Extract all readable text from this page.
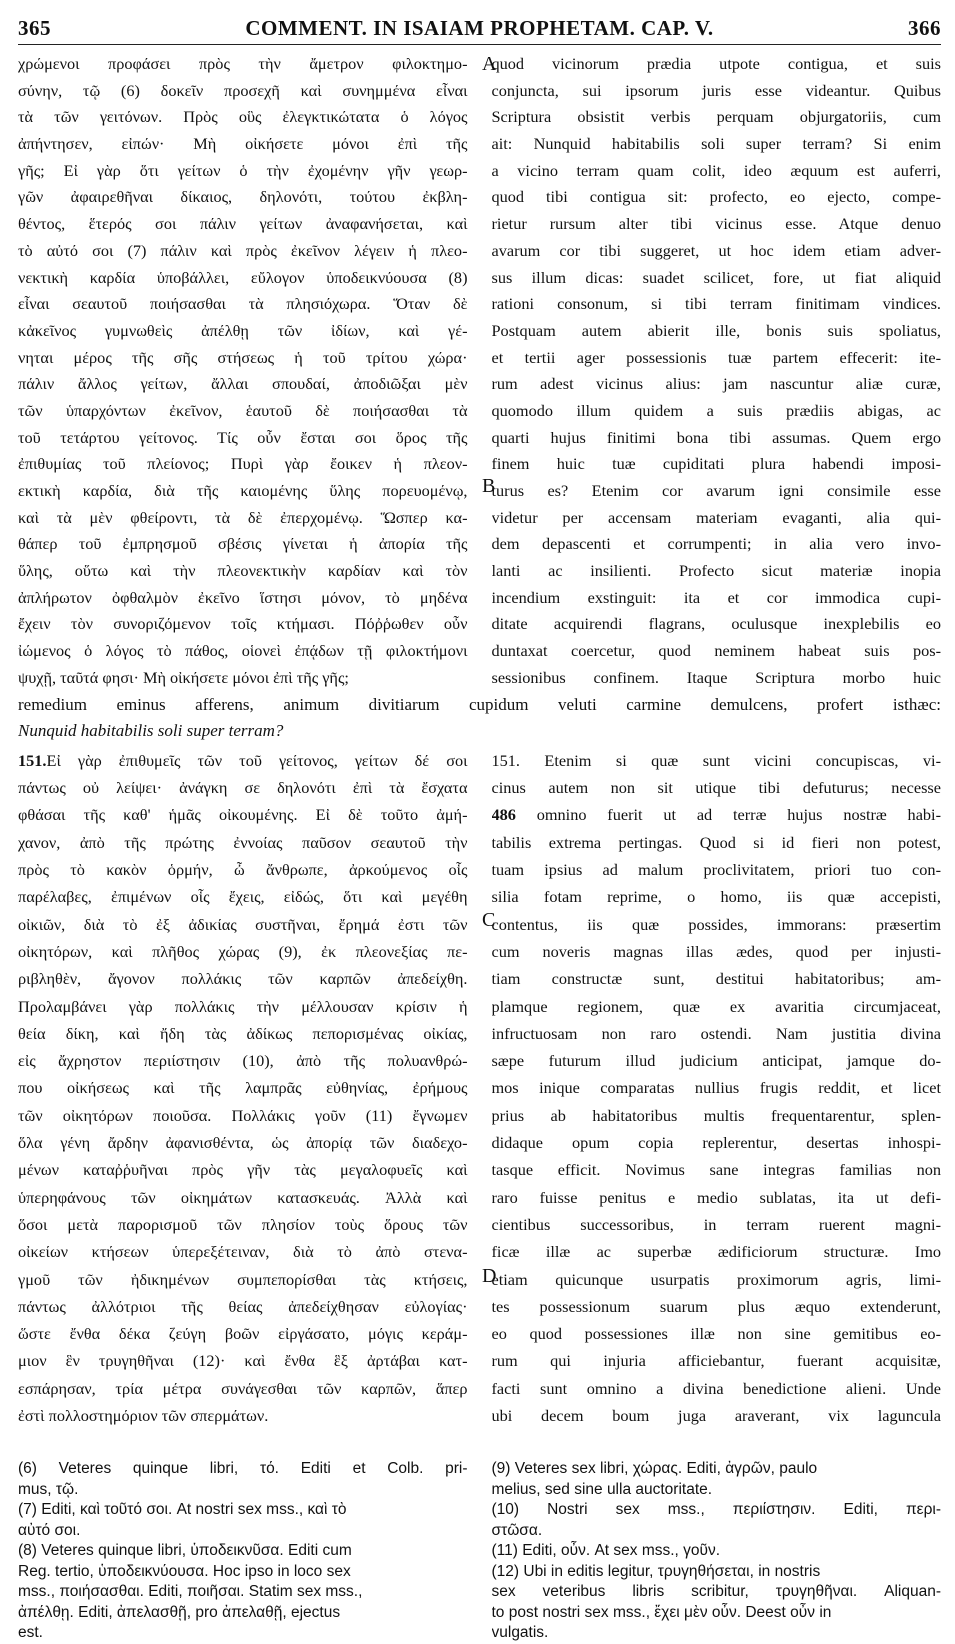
365	COMMENT. IN ISAIAM PROPHETAM. CAP. V.	366
χρώμενοι προφάσει πρὸς τὴν ἄμετρον φιλοκτημο-
σύνην, τῷ (6) δοκεῖν προσεχῆ καὶ συνημμένα εἶναι
τὰ τῶν γειτόνων. Πρὸς οὓς ἐλεγκτικώτατα ὁ λόγος
ἀπήντησεν, εἰπών· Μὴ οἰκήσετε μόνοι ἐπὶ τῆς
γῆς; Εἰ γὰρ ὅτι γείτων ὁ τὴν ἐχομένην γῆν γεωρ-
γῶν ἀφαιρεθῆναι δίκαιος, δηλονότι, τούτου ἐκβλη-
θέντος, ἕτερός σοι πάλιν γείτων ἀναφανήσεται, καὶ
τὸ αὐτό σοι (7) πάλιν καὶ πρὸς ἐκεῖνον λέγειν ἡ πλεο-
νεκτικὴ καρδία ὑποβάλλει, εὔλογον ὑποδεικνύουσα (8)
εἶναι σεαυτοῦ ποιήσασθαι τὰ πλησιόχωρα. Ὅταν δὲ
κἀκεῖνος γυμνωθεὶς ἀπέλθῃ τῶν ἰδίων, καὶ γέ-
νηται μέρος τῆς σῆς στήσεως ἡ τοῦ τρίτου χώρα·
πάλιν ἄλλος γείτων, ἄλλαι σπουδαί, ἀποδιῶξαι μὲν
τῶν ὑπαρχόντων ἐκεῖνον, ἑαυτοῦ δὲ ποιήσασθαι τὰ
τοῦ τετάρτου γείτονος. Τίς οὖν ἔσται σοι ὅρος τῆς
ἐπιθυμίας τοῦ πλείονος; Πυρὶ γὰρ ἔοικεν ἡ πλεον-
εκτικὴ καρδία, διὰ τῆς καιομένης ὕλης πορευομένῳ,
καὶ τὰ μὲν φθείροντι, τὰ δὲ ἐπερχομένῳ. Ὥσπερ κα-
θάπερ τοῦ ἐμπρησμοῦ σβέσις γίνεται ἡ ἀπορία τῆς
ὕλης, οὕτω καὶ τὴν πλεονεκτικὴν καρδίαν καὶ τὸν
ἀπλήρωτον ὀφθαλμὸν ἐκεῖνο ἵστησι μόνον, τὸ μηδένα
ἔχειν τὸν συνοριζόμενον τοῖς κτήμασι. Πόῤῥωθεν οὖν
ἰώμενος ὁ λόγος τὸ πάθος, οἱονεὶ ἐπᾴδων τῇ φιλοκτήμονι
ψυχῇ, ταῦτά φησι· Μὴ οἰκήσετε μόνοι ἐπὶ τῆς γῆς;
quod vicinorum prædia utpote contigua, et suis
conjuncta, sui ipsorum juris esse videantur. Quibus
Scriptura obsistit verbis perquam objurgatoriis, cum
ait: Nunquid habitabilis soli super terram? Si enim
a vicino terram quam colit, ideo æquum est auferri,
quod tibi contigua sit: profecto, eo ejecto, compe-
rietur rursum alter tibi vicinus esse. Atque denuo
avarum cor tibi suggeret, ut hoc idem etiam adver-
sus illum dicas: suadet scilicet, fore, ut fiat aliquid
rationi consonum, si tibi terram finitimam vindices.
Postquam autem abierit ille, bonis suis spoliatus,
et tertii ager possessionis tuæ partem effecerit: ite-
rum adest vicinus alius: jam nascuntur aliæ curæ,
quomodo illum quidem a suis prædiis abigas, ac
quarti hujus finitimi bona tibi assumas. Quem ergo
finem huic tuæ cupiditati plura habendi imposi-
turus es? Etenim cor avarum igni consimile esse
videtur per accensam materiam evaganti, alia qui-
dem depascenti et corrumpenti; in alia vero invo-
lanti ac insilienti. Profecto sicut materiæ inopia
incendium exstinguit: ita et cor immodica cupi-
ditate acquirendi flagrans, oculusque inexplebilis eo
duntaxat coercetur, quod neminem habeat suis pos-
sessionibus confinem. Itaque Scriptura morbo huic
A
B
remedium eminus afferens, animum divitiarum cupidum veluti carmine demulcens, profert isthæc:
Nunquid habitabilis soli super terram?
151.Εἰ γὰρ ἐπιθυμεῖς τῶν τοῦ γείτονος, γείτων δέ σοι
πάντως οὐ λείψει· ἀνάγκη σε δηλονότι ἐπὶ τὰ ἔσχατα
φθάσαι τῆς καθ' ἡμᾶς οἰκουμένης. Εἰ δὲ τοῦτο ἀμή-
χανον, ἀπὸ τῆς πρώτης ἐννοίας παῦσον σεαυτοῦ τὴν
πρὸς τὸ κακὸν ὁρμήν, ὦ ἄνθρωπε, ἀρκούμενος οἷς
παρέλαβες, ἐπιμένων οἷς ἔχεις, εἰδώς, ὅτι καὶ μεγέθη
οἰκιῶν, διὰ τὸ ἐξ ἀδικίας συστῆναι, ἔρημά ἐστι τῶν
οἰκητόρων, καὶ πλῆθος χώρας (9), ἐκ πλεονεξίας πε-
ριβληθὲν, ἄγονον πολλάκις τῶν καρπῶν ἀπεδείχθη.
Προλαμβάνει γὰρ πολλάκις τὴν μέλλουσαν κρίσιν ἡ
θεία δίκη, καὶ ἤδη τὰς ἀδίκως πεπορισμένας οἰκίας,
εἰς ἄχρηστον περιίστησιν (10), ἀπὸ τῆς πολυανθρώ-
που οἰκήσεως καὶ τῆς λαμπρᾶς εὐθηνίας, ἐρήμους
τῶν οἰκητόρων ποιοῦσα. Πολλάκις γοῦν (11) ἔγνωμεν
ὅλα γένη ἄρδην ἀφανισθέντα, ὡς ἀπορίᾳ τῶν διαδεχο-
μένων καταῤῥυῆναι πρὸς γῆν τὰς μεγαλοφυεῖς καὶ
ὑπερηφάνους τῶν οἰκημάτων κατασκευάς. Ἀλλὰ καὶ
ὅσοι μετὰ παρορισμοῦ τῶν πλησίον τοὺς ὅρους τῶν
οἰκείων κτήσεων ὑπερεξέτειναν, διὰ τὸ ἀπὸ στενα-
γμοῦ τῶν ἠδικημένων συμπεπορίσθαι τὰς κτήσεις,
πάντως ἀλλότριοι τῆς θείας ἀπεδείχθησαν εὐλογίας·
ὥστε ἔνθα δέκα ζεύγη βοῶν εἰργάσατο, μόγις κεράμ-
μιον ἓν τρυγηθῆναι (12)· καὶ ἔνθα ἓξ ἀρτάβαι κατ-
εσπάρησαν, τρία μέτρα συνάγεσθαι τῶν καρπῶν, ἅπερ
ἐστὶ πολλοστημόριον τῶν σπερμάτων.
151. Etenim si quæ sunt vicini concupiscas, vi-
cinus autem non sit utique tibi defuturus; necesse
486 omnino fuerit ut ad terræ hujus nostræ habi-
tabilis extrema pertingas. Quod si id fieri non potest,
tuam ipsius ad malum proclivitatem, priori tuo con-
silia fotam reprime, o homo, iis quæ accepisti,
contentus, iis quæ possides, immorans: præsertim
cum noveris magnas illas ædes, quod per injusti-
tiam constructæ sunt, destitui habitatoribus; am-
plamque regionem, quæ ex avaritia circumjaceat,
infructuosam non raro ostendi. Nam justitia divina
sæpe futurum illud judicium anticipat, jamque do-
mos inique comparatas nullius frugis reddit, et licet
prius ab habitatoribus multis frequentarentur, splen-
didaque opum copia replerentur, desertas inhospi-
tasque efficit. Novimus sane integras familias non
raro fuisse penitus e medio sublatas, ita ut defi-
cientibus successoribus, in terram ruerent magni-
ficæ illæ ac superbæ ædificiorum structuræ. Imo
etiam quicunque usurpatis proximorum agris, limi-
tes possessionum suarum plus æquo extenderunt,
eo quod possessiones illæ non sine gemitibus eo-
rum qui injuria afficiebantur, fuerant acquisitæ,
facti sunt omnino a divina benedictione alieni. Unde
ubi decem boum juga araverant, vix lagunculа
C
D
(6) Veteres quinque libri, τό. Editi et Colb. pri-
mus, τῷ.
(7) Editi, καὶ τοῦτό σοι. At nostri sex mss., καὶ τὸ
αὐτό σοι.
(8) Veteres quinque libri, ὑποδεικνῦσα. Editi cum
Reg. tertio, ὑποδεικνύουσα. Hoc ipso in loco sex
mss., ποιήσασθαι. Editi, ποιῆσαι. Statim sex mss.,
ἀπέλθῃ. Editi, ἀπελασθῇ, pro ἀπελαθῇ, ejectus
est.
(9) Veteres sex libri, χώρας. Editi, ἀγρῶν, paulo
melius, sed sine ulla auctoritate.
(10) Nostri sex mss., περιίστησιν. Editi, περι-
στῶσα.
(11) Editi, οὖν. At sex mss., γοῦν.
(12) Ubi in editis legitur, τρυγηθήσεται, in nostris
sex veteribus libris scribitur, τρυγηθῆναι. Aliquan-
to post nostri sex mss., ἔχει μὲν οὖν. Deest οὖν in
vulgatis.
